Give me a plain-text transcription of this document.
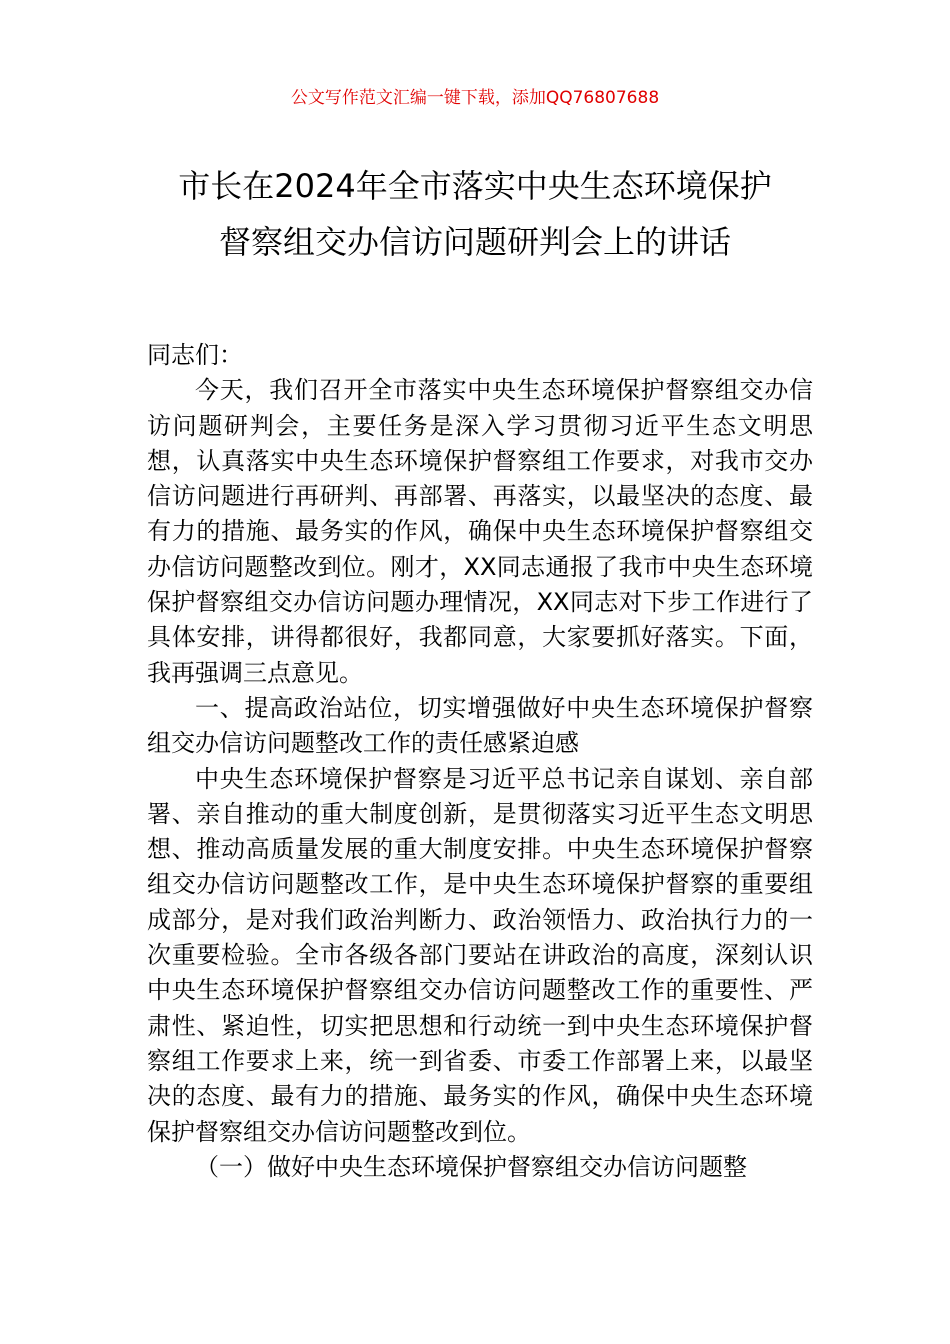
公文写作范文汇编一键下载，添加QQ76807688
市长在2024年全市落实中央生态环境保护
督察组交办信访问题研判会上的讲话

同志们：

今天，我们召开全市落实中央生态环境保护督察组交办信访问题研判会，主要任务是深入学习贯彻习近平生态文明思想，认真落实中央生态环境保护督察组工作要求，对我市交办信访问题进行再研判、再部署、再落实，以最坚决的态度、最有力的措施、最务实的作风，确保中央生态环境保护督察组交办信访问题整改到位。刚才，XX同志通报了我市中央生态环境保护督察组交办信访问题办理情况，XX同志对下步工作进行了具体安排，讲得都很好，我都同意，大家要抓好落实。下面，我再强调三点意见。

一、提高政治站位，切实增强做好中央生态环境保护督察组交办信访问题整改工作的责任感紧迫感

中央生态环境保护督察是习近平总书记亲自谋划、亲自部署、亲自推动的重大制度创新，是贯彻落实习近平生态文明思想、推动高质量发展的重大制度安排。中央生态环境保护督察组交办信访问题整改工作，是中央生态环境保护督察的重要组成部分，是对我们政治判断力、政治领悟力、政治执行力的一次重要检验。全市各级各部门要站在讲政治的高度，深刻认识中央生态环境保护督察组交办信访问题整改工作的重要性、严肃性、紧迫性，切实把思想和行动统一到中央生态环境保护督察组工作要求上来，统一到省委、市委工作部署上来，以最坚决的态度、最有力的措施、最务实的作风，确保中央生态环境保护督察组交办信访问题整改到位。

（一）做好中央生态环境保护督察组交办信访问题整
